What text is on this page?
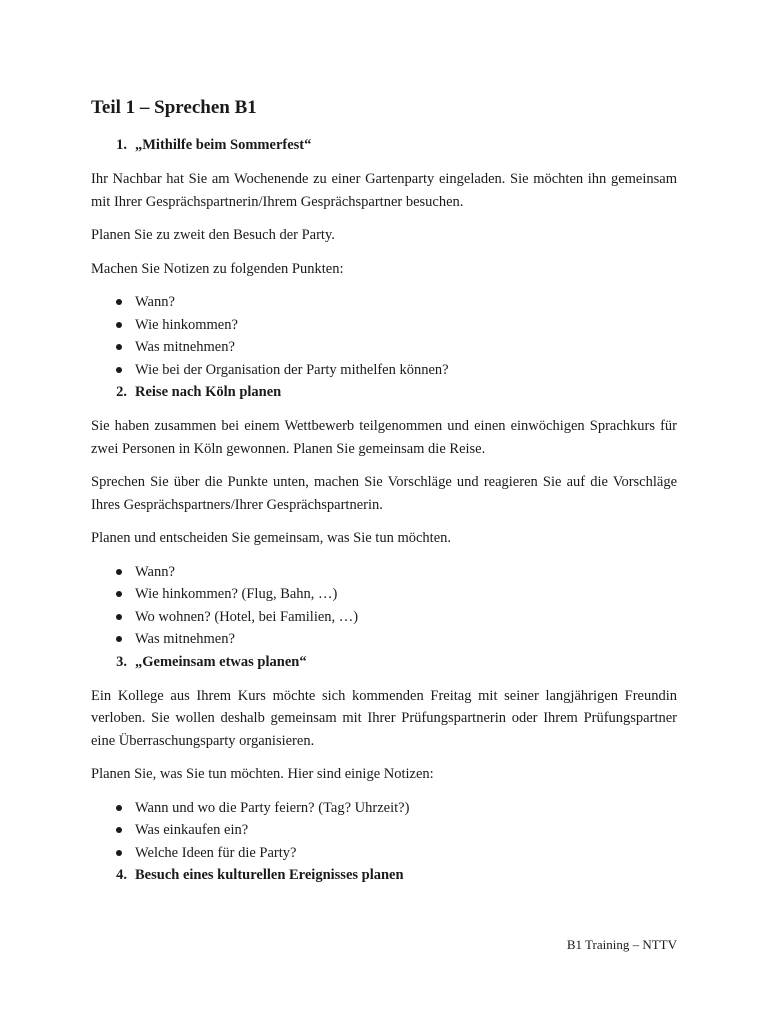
Teil 1 – Sprechen B1
1. „Mithilfe beim Sommerfest“

Ihr Nachbar hat Sie am Wochenende zu einer Gartenparty eingeladen. Sie möchten ihn gemeinsam mit Ihrer Gesprächspartnerin/Ihrem Gesprächspartner besuchen.

Planen Sie zu zweit den Besuch der Party.

Machen Sie Notizen zu folgenden Punkten:

Wann?
Wie hinkommen?
Was mitnehmen?
Wie bei der Organisation der Party mithelfen können?
2. Reise nach Köln planen

Sie haben zusammen bei einem Wettbewerb teilgenommen und einen einwöchigen Sprachkurs für zwei Personen in Köln gewonnen. Planen Sie gemeinsam die Reise.

Sprechen Sie über die Punkte unten, machen Sie Vorschläge und reagieren Sie auf die Vorschläge Ihres Gesprächspartners/Ihrer Gesprächspartnerin.

Planen und entscheiden Sie gemeinsam, was Sie tun möchten.

Wann?
Wie hinkommen? (Flug, Bahn, …)
Wo wohnen? (Hotel, bei Familien, …)
Was mitnehmen?
3. „Gemeinsam etwas planen“

Ein Kollege aus Ihrem Kurs möchte sich kommenden Freitag mit seiner langjährigen Freundin verloben. Sie wollen deshalb gemeinsam mit Ihrer Prüfungspartnerin oder Ihrem Prüfungspartner eine Überraschungsparty organisieren.

Planen Sie, was Sie tun möchten. Hier sind einige Notizen:

Wann und wo die Party feiern? (Tag? Uhrzeit?)
Was einkaufen ein?
Welche Ideen für die Party?
4. Besuch eines kulturellen Ereignisses planen
B1 Training – NTTV
